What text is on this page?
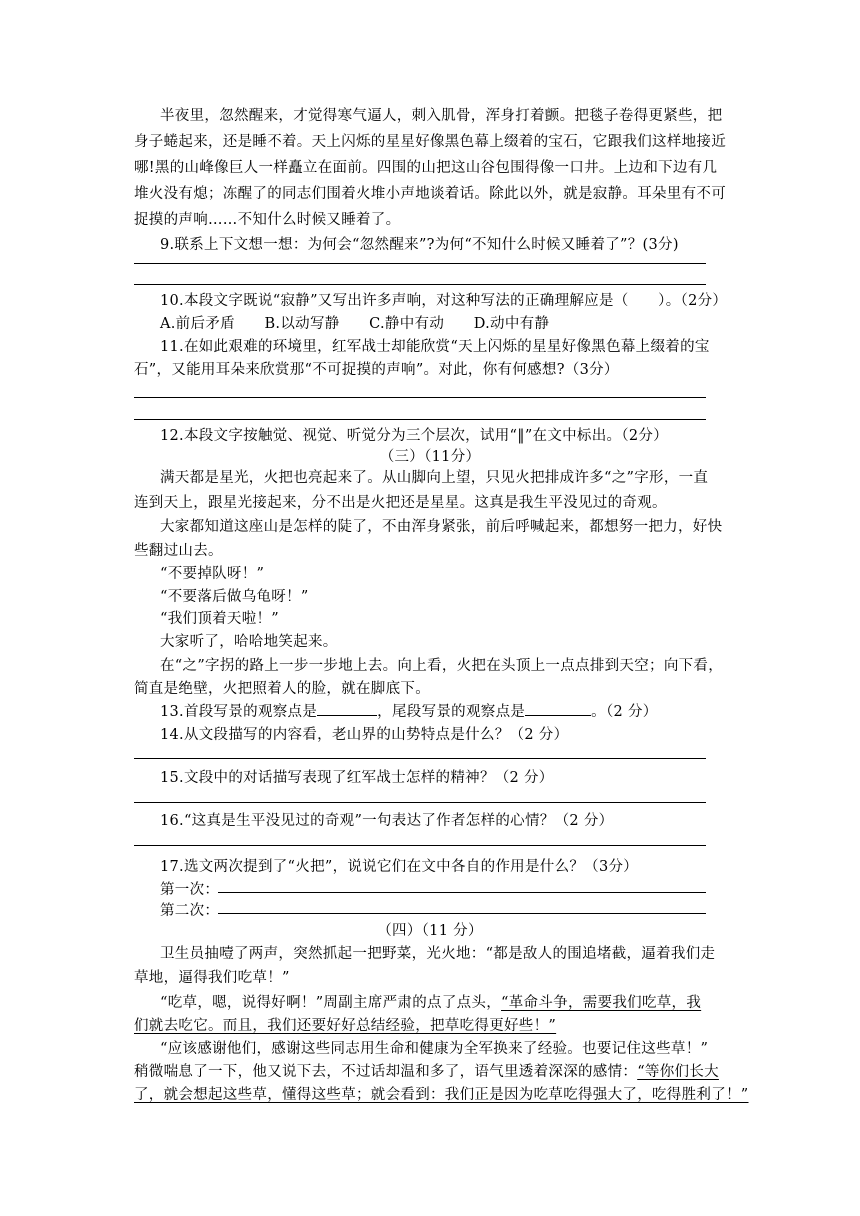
半夜里，忽然醒来，才觉得寒气逼人，刺入肌骨，浑身打着颤。把毯子卷得更紧些，把
身子蜷起来，还是睡不着。天上闪烁的星星好像黑色幕上缀着的宝石，它跟我们这样地接近
哪!黑的山峰像巨人一样矗立在面前。四围的山把这山谷包围得像一口井。上边和下边有几
堆火没有熄；冻醒了的同志们围着火堆小声地谈着话。除此以外，就是寂静。耳朵里有不可
捉摸的声响……不知什么时候又睡着了。
9.联系上下文想一想：为何会“忽然醒来”?为何“不知什么时候又睡着了”？(3分)
10.本段文字既说“寂静”又写出许多声响，对这种写法的正确理解应是（　　）。（2分）
A.前后矛盾　　B.以动写静　　C.静中有动　　D.动中有静
11.在如此艰难的环境里，红军战士却能欣赏“天上闪烁的星星好像黑色幕上缀着的宝
石”，又能用耳朵来欣赏那“不可捉摸的声响”。对此，你有何感想?（3分）
12.本段文字按触觉、视觉、听觉分为三个层次，试用“‖”在文中标出。（2分）
（三）（11分）
满天都是星光，火把也亮起来了。从山脚向上望，只见火把排成许多“之”字形，一直
连到天上，跟星光接起来，分不出是火把还是星星。这真是我生平没见过的奇观。
大家都知道这座山是怎样的陡了，不由浑身紧张，前后呼喊起来，都想努一把力，好快
些翻过山去。
“不要掉队呀！”
“不要落后做乌龟呀！”
“我们顶着天啦！”
大家听了，哈哈地笑起来。
在“之”字拐的路上一步一步地上去。向上看，火把在头顶上一点点排到天空；向下看，
简直是绝壁，火把照着人的脸，就在脚底下。
13.首段写景的观察点是	，尾段写景的观察点是	。（2 分）
14.从文段描写的内容看，老山界的山势特点是什么？（2 分）
15.文段中的对话描写表现了红军战士怎样的精神？（2 分）
16.“这真是生平没见过的奇观”一句表达了作者怎样的心情？（2 分）
17.选文两次提到了“火把”，说说它们在文中各自的作用是什么？（3分）
第一次：
第二次：
（四）（11 分）
卫生员抽噎了两声，突然抓起一把野菜，光火地：“都是敌人的围追堵截，逼着我们走
草地，逼得我们吃草！”
“吃草，嗯，说得好啊！”周副主席严肃的点了点头，“革命斗争，需要我们吃草，我
们就去吃它。而且，我们还要好好总结经验，把草吃得更好些！”
“应该感谢他们，感谢这些同志用生命和健康为全军换来了经验。也要记住这些草！”
稍微喘息了一下，他又说下去，不过话却温和多了，语气里透着深深的感情：“等你们长大
了，就会想起这些草，懂得这些草；就会看到：我们正是因为吃草吃得强大了，吃得胜利了！”
